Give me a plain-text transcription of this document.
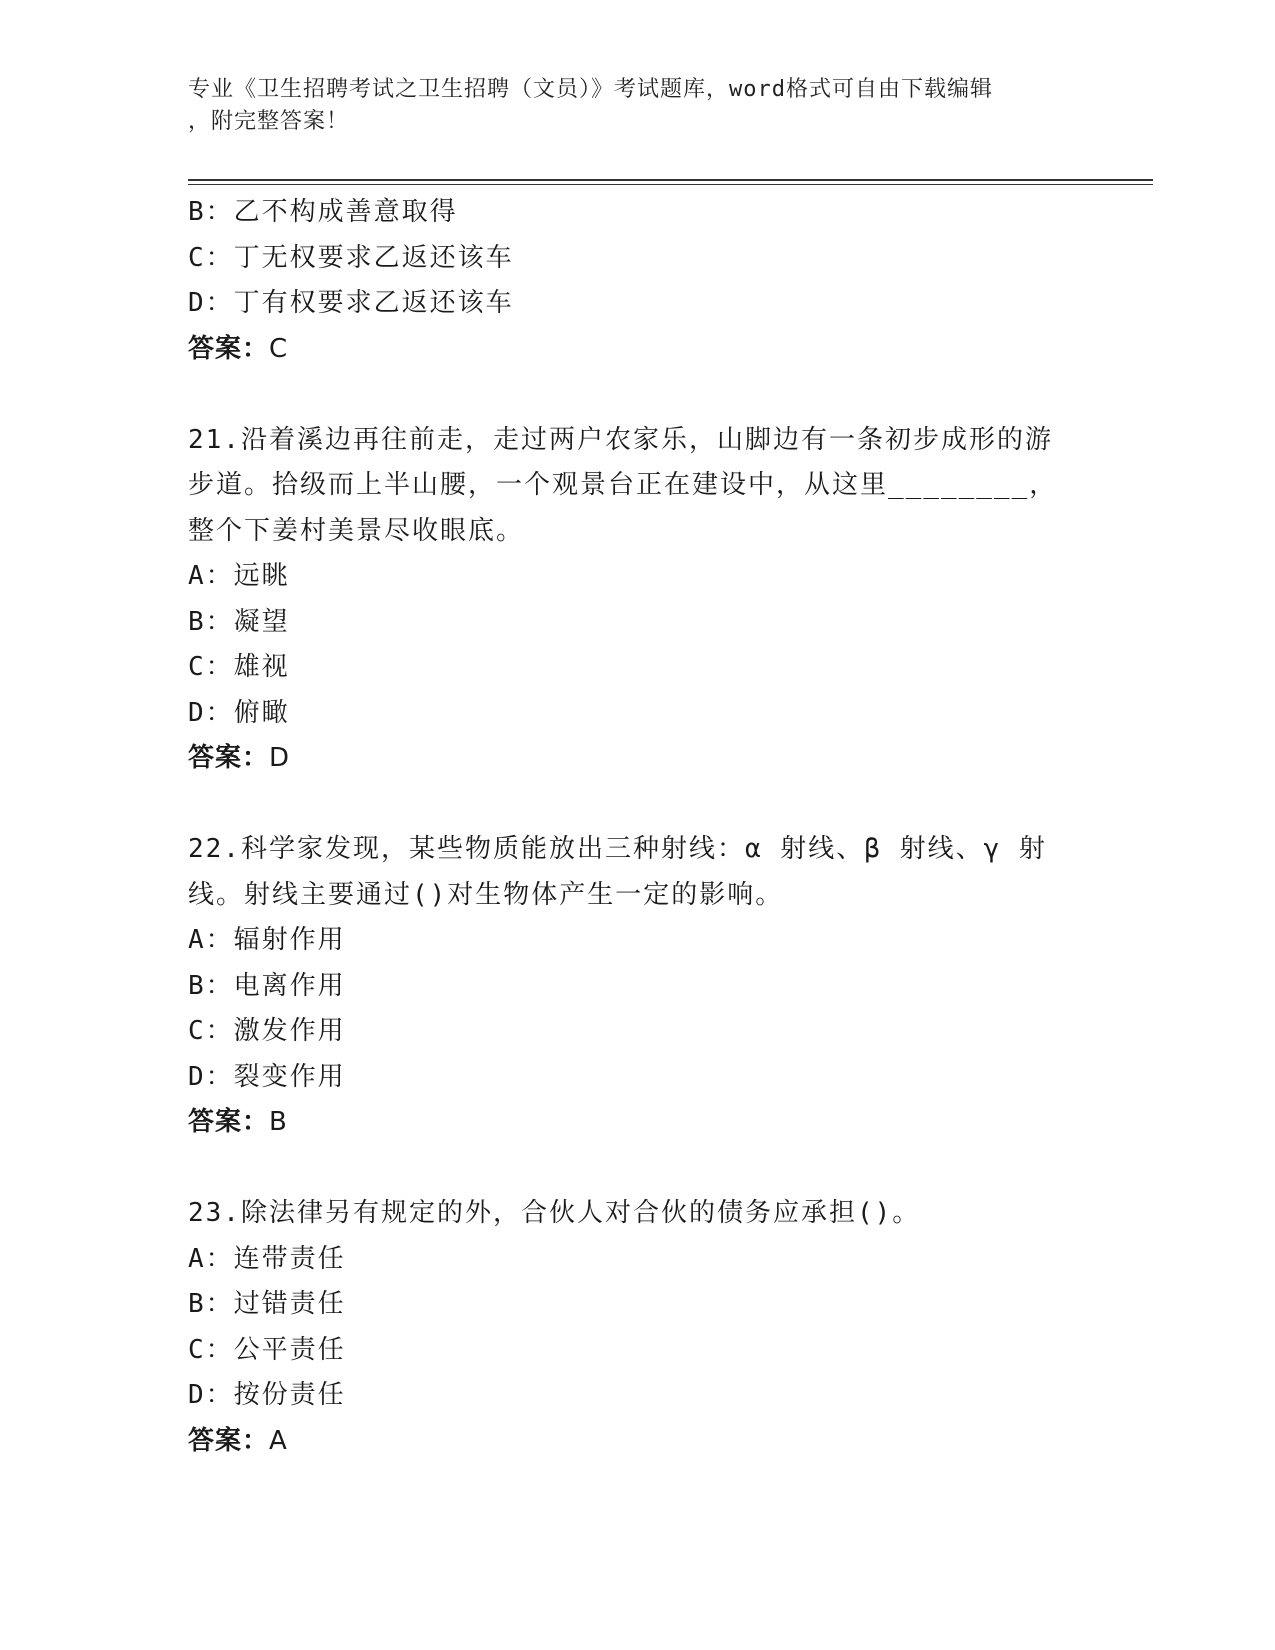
专业《卫生招聘考试之卫生招聘（文员）》考试题库，word格式可自由下载编辑
，附完整答案！
B：乙不构成善意取得
C：丁无权要求乙返还该车
D：丁有权要求乙返还该车
答案：C
21.沿着溪边再往前走，走过两户农家乐，山脚边有一条初步成形的游
步道。拾级而上半山腰，一个观景台正在建设中，从这里________，
整个下姜村美景尽收眼底。
A：远眺
B：凝望
C：雄视
D：俯瞰
答案：D
22.科学家发现，某些物质能放出三种射线：α 射线、β 射线、γ 射
线。射线主要通过()对生物体产生一定的影响。
A：辐射作用
B：电离作用
C：激发作用
D：裂变作用
答案：B
23.除法律另有规定的外，合伙人对合伙的债务应承担()。
A：连带责任
B：过错责任
C：公平责任
D：按份责任
答案：A
